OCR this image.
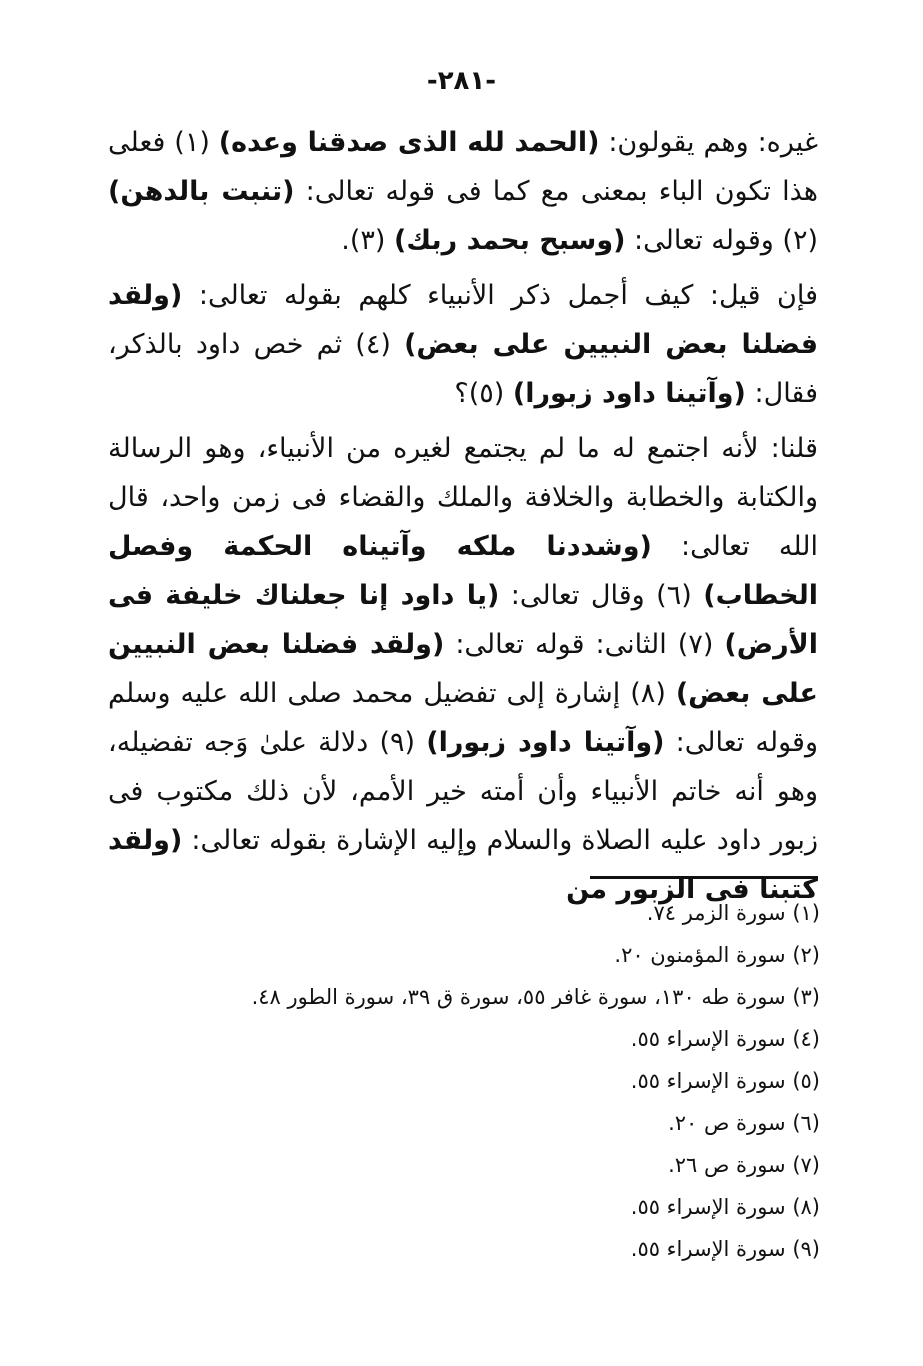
-٢٨١-

غيره: وهم يقولون: (الحمد لله الذى صدقنا وعده) (١) فعلى هذا تكون الباء بمعنى مع كما فى قوله تعالى: (تنبت بالدهن) (٢) وقوله تعالى: (وسبح بحمد ربك) (٣).

فإن قيل: كيف أجمل ذكر الأنبياء كلهم بقوله تعالى: (ولقد فضلنا بعض النبيين على بعض) (٤) ثم خص داود بالذكر، فقال: (وآتينا داود زبورا) (٥)؟

قلنا: لأنه اجتمع له ما لم يجتمع لغيره من الأنبياء، وهو الرسالة والكتابة والخطابة والخلافة والملك والقضاء فى زمن واحد، قال الله تعالى: (وشددنا ملكه وآتيناه الحكمة وفصل الخطاب) (٦) وقال تعالى: (يا داود إنا جعلناك خليفة فى الأرض) (٧) الثانى: قوله تعالى: (ولقد فضلنا بعض النبيين على بعض) (٨) إشارة إلى تفضيل محمد صلى الله عليه وسلم وقوله تعالى: (وآتينا داود زبورا) (٩) دلالة علىٰ وَجه تفضيله، وهو أنه خاتم الأنبياء وأن أمته خير الأمم، لأن ذلك مكتوب فى زبور داود عليه الصلاة والسلام وإليه الإشارة بقوله تعالى: (ولقد كتبنا فى الزبور من

(١) سورة الزمر ٧٤.
(٢) سورة المؤمنون ٢٠.
(٣) سورة طه ١٣٠، سورة غافر ٥٥، سورة ق ٣٩، سورة الطور ٤٨.
(٤) سورة الإسراء ٥٥.
(٥) سورة الإسراء ٥٥.
(٦) سورة ص ٢٠.
(٧) سورة ص ٢٦.
(٨) سورة الإسراء ٥٥.
(٩) سورة الإسراء ٥٥.
